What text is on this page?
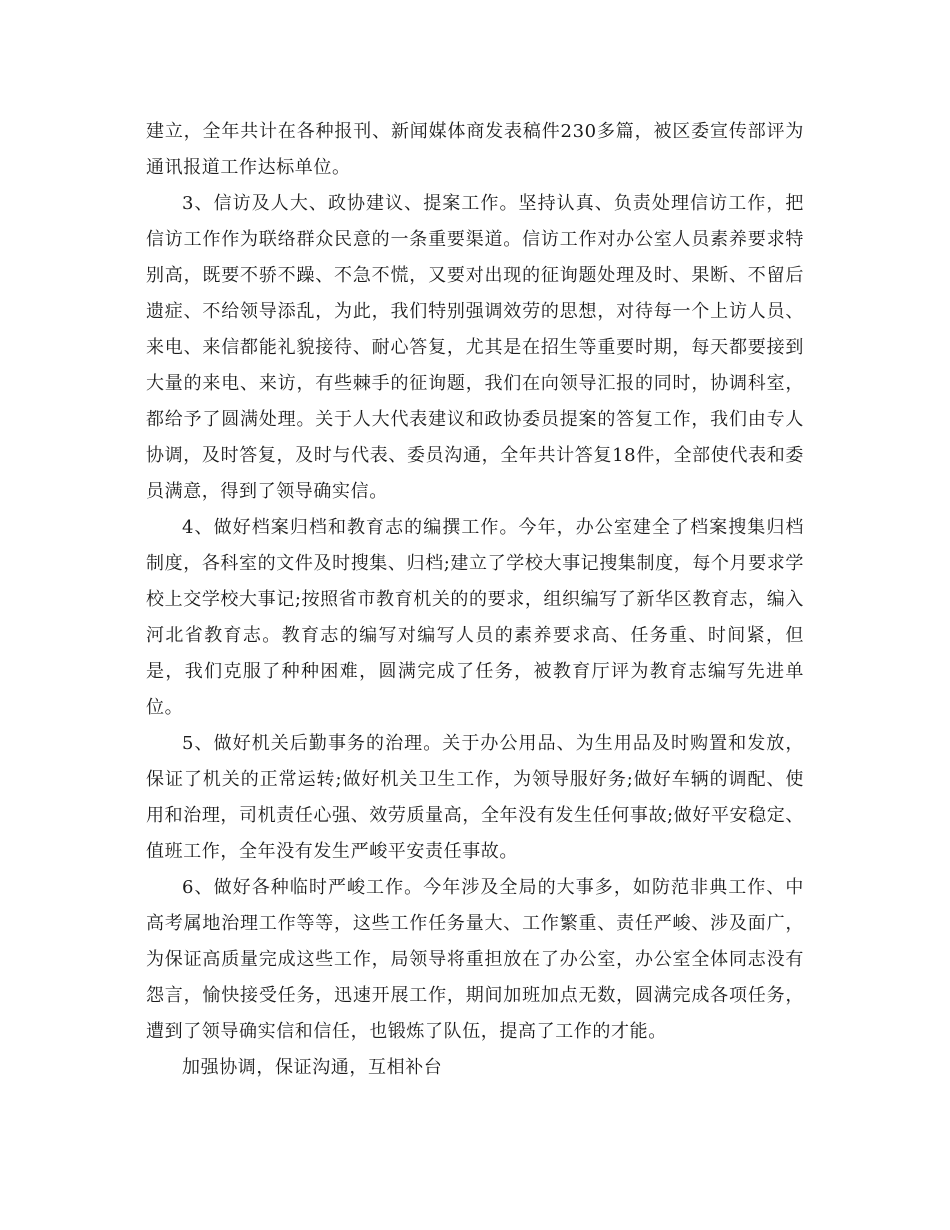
建立，全年共计在各种报刊、新闻媒体商发表稿件230多篇，被区委宣传部评为通讯报道工作达标单位。

3、信访及人大、政协建议、提案工作。坚持认真、负责处理信访工作，把信访工作作为联络群众民意的一条重要渠道。信访工作对办公室人员素养要求特别高，既要不骄不躁、不急不慌，又要对出现的征询题处理及时、果断、不留后遗症、不给领导添乱，为此，我们特别强调效劳的思想，对待每一个上访人员、来电、来信都能礼貌接待、耐心答复，尤其是在招生等重要时期，每天都要接到大量的来电、来访，有些棘手的征询题，我们在向领导汇报的同时，协调科室，都给予了圆满处理。关于人大代表建议和政协委员提案的答复工作，我们由专人协调，及时答复，及时与代表、委员沟通，全年共计答复18件，全部使代表和委员满意，得到了领导确实信。

4、做好档案归档和教育志的编撰工作。今年，办公室建全了档案搜集归档制度，各科室的文件及时搜集、归档;建立了学校大事记搜集制度，每个月要求学校上交学校大事记;按照省市教育机关的的要求，组织编写了新华区教育志，编入河北省教育志。教育志的编写对编写人员的素养要求高、任务重、时间紧，但是，我们克服了种种困难，圆满完成了任务，被教育厅评为教育志编写先进单位。

5、做好机关后勤事务的治理。关于办公用品、为生用品及时购置和发放，保证了机关的正常运转;做好机关卫生工作，为领导服好务;做好车辆的调配、使用和治理，司机责任心强、效劳质量高，全年没有发生任何事故;做好平安稳定、值班工作，全年没有发生严峻平安责任事故。

6、做好各种临时严峻工作。今年涉及全局的大事多，如防范非典工作、中高考属地治理工作等等，这些工作任务量大、工作繁重、责任严峻、涉及面广，为保证高质量完成这些工作，局领导将重担放在了办公室，办公室全体同志没有怨言，愉快接受任务，迅速开展工作，期间加班加点无数，圆满完成各项任务，遭到了领导确实信和信任，也锻炼了队伍，提高了工作的才能。

加强协调，保证沟通，互相补台
